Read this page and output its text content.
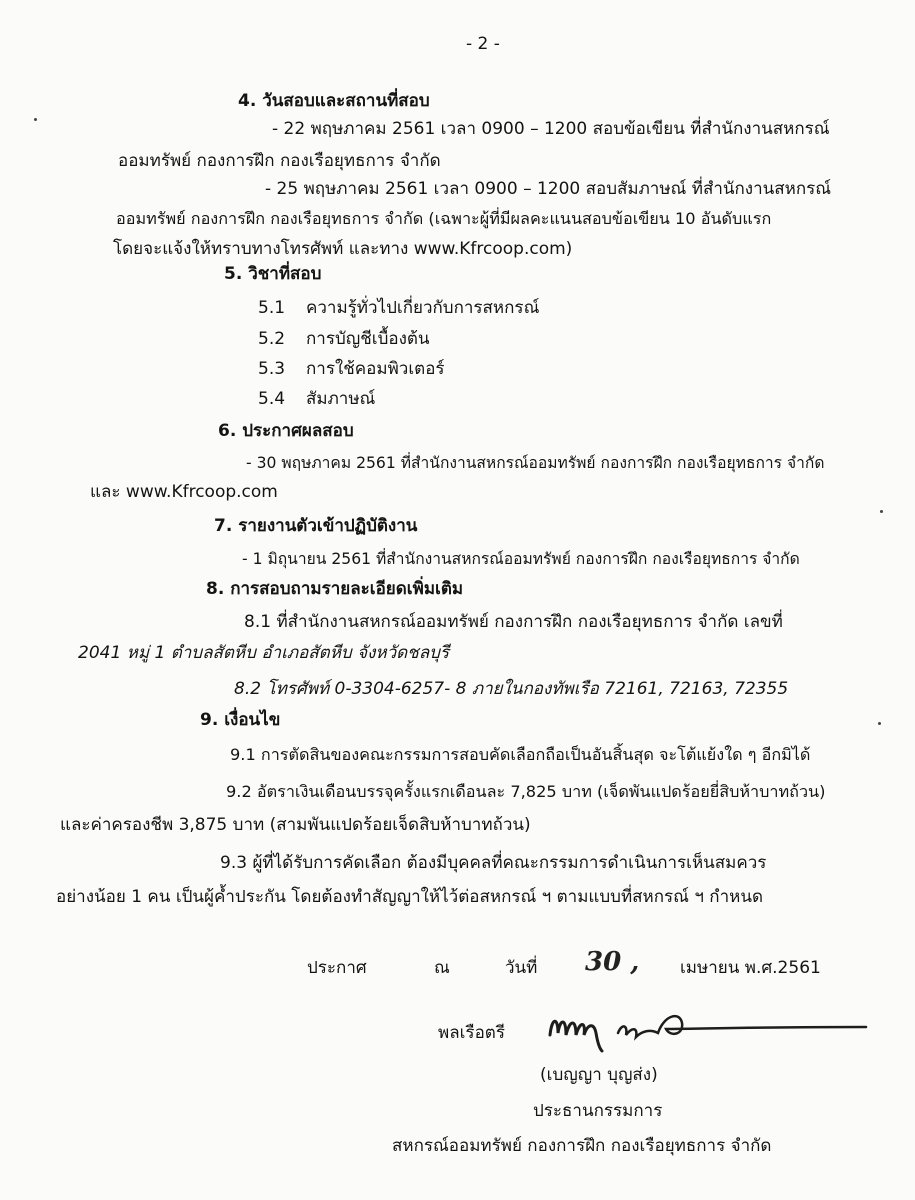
- 2 -
4. วันสอบและสถานที่สอบ
- 22 พฤษภาคม 2561 เวลา 0900 – 1200 สอบข้อเขียน ที่สำนักงานสหกรณ์
ออมทรัพย์ กองการฝึก กองเรือยุทธการ จำกัด
- 25 พฤษภาคม 2561 เวลา 0900 – 1200 สอบสัมภาษณ์ ที่สำนักงานสหกรณ์
ออมทรัพย์ กองการฝึก กองเรือยุทธการ จำกัด (เฉพาะผู้ที่มีผลคะแนนสอบข้อเขียน 10 อันดับแรก
โดยจะแจ้งให้ทราบทางโทรศัพท์ และทาง www.Kfrcoop.com)
5. วิชาที่สอบ
5.1 ความรู้ทั่วไปเกี่ยวกับการสหกรณ์
5.2 การบัญชีเบื้องต้น
5.3 การใช้คอมพิวเตอร์
5.4 สัมภาษณ์
6. ประกาศผลสอบ
- 30 พฤษภาคม 2561 ที่สำนักงานสหกรณ์ออมทรัพย์ กองการฝึก กองเรือยุทธการ จำกัด
และ www.Kfrcoop.com
7. รายงานตัวเข้าปฏิบัติงาน
- 1 มิถุนายน 2561 ที่สำนักงานสหกรณ์ออมทรัพย์ กองการฝึก กองเรือยุทธการ จำกัด
8. การสอบถามรายละเอียดเพิ่มเติม
8.1 ที่สำนักงานสหกรณ์ออมทรัพย์ กองการฝึก กองเรือยุทธการ จำกัด เลขที่
2041 หมู่ 1 ตำบลสัตหีบ อำเภอสัตหีบ จังหวัดชลบุรี
8.2 โทรศัพท์ 0-3304-6257- 8 ภายในกองทัพเรือ 72161, 72163, 72355
9. เงื่อนไข
9.1 การตัดสินของคณะกรรมการสอบคัดเลือกถือเป็นอันสิ้นสุด จะโต้แย้งใด ๆ อีกมิได้
9.2 อัตราเงินเดือนบรรจุครั้งแรกเดือนละ 7,825 บาท (เจ็ดพันแปดร้อยยี่สิบห้าบาทถ้วน)
และค่าครองชีพ 3,875 บาท (สามพันแปดร้อยเจ็ดสิบห้าบาทถ้วน)
9.3 ผู้ที่ได้รับการคัดเลือก ต้องมีบุคคลที่คณะกรรมการดำเนินการเห็นสมควร
อย่างน้อย 1 คน เป็นผู้ค้ำประกัน โดยต้องทำสัญญาให้ไว้ต่อสหกรณ์ ฯ ตามแบบที่สหกรณ์ ฯ กำหนด
ประกาศ	ณ	วันที่ 30 , เมษายน พ.ศ.2561
พลเรือตรี
(เบญญา บุญส่ง)
ประธานกรรมการ
สหกรณ์ออมทรัพย์ กองการฝึก กองเรือยุทธการ จำกัด
